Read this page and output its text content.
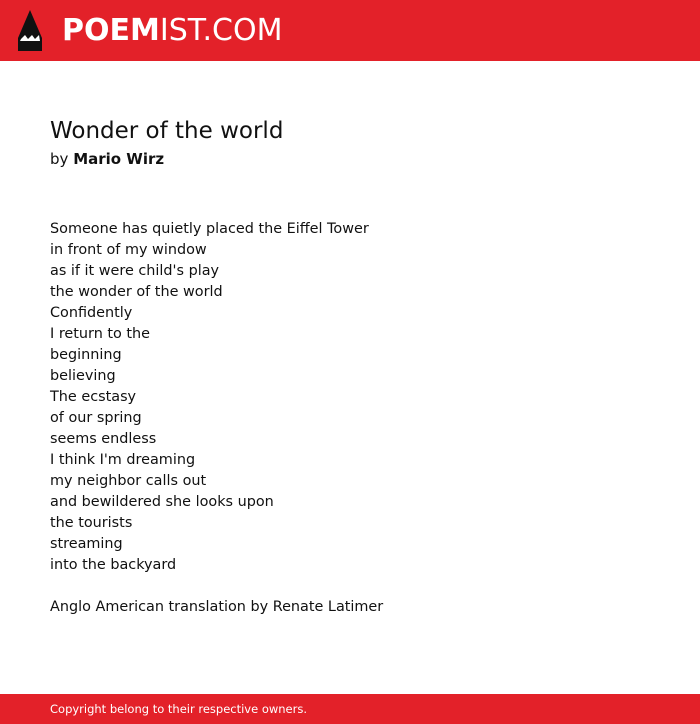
POEMIST.COM
Wonder of the world
by Mario Wirz
Someone has quietly placed the Eiffel Tower
in front of my window
as if it were child's play
the wonder of the world
Confidently
I return to the
beginning
believing
The ecstasy
of our spring
seems endless
I think I'm dreaming
my neighbor calls out
and bewildered she looks upon
the tourists
streaming
into the backyard
Anglo American translation by Renate Latimer
Copyright belong to their respective owners.
